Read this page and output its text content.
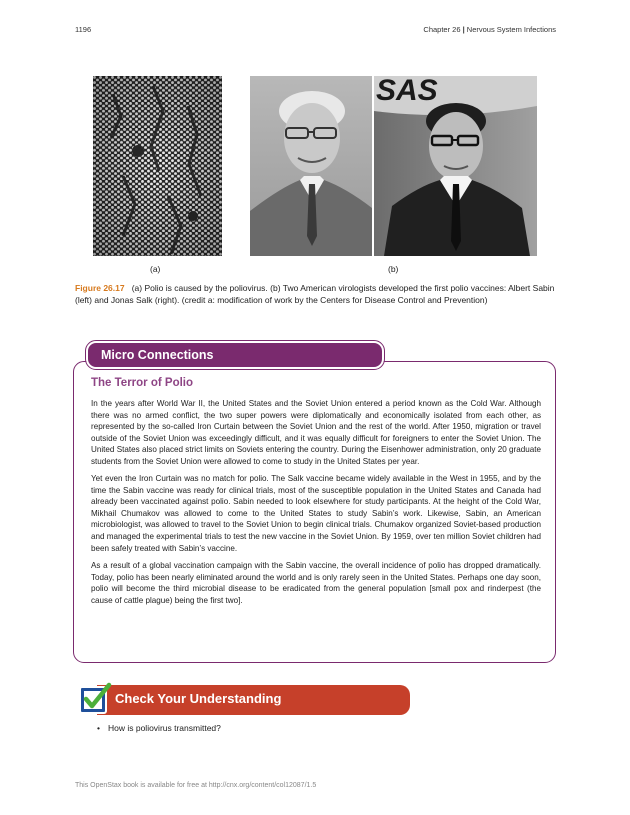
1196	Chapter 26 | Nervous System Infections
SAS
(a)	(b)
Figure 26.17 (a) Polio is caused by the poliovirus. (b) Two American virologists developed the first polio vaccines: Albert Sabin (left) and Jonas Salk (right). (credit a: modification of work by the Centers for Disease Control and Prevention)
Micro Connections
The Terror of Polio

In the years after World War II, the United States and the Soviet Union entered a period known as the Cold War. Although there was no armed conflict, the two super powers were diplomatically and economically isolated from each other, as represented by the so-called Iron Curtain between the Soviet Union and the rest of the world. After 1950, migration or travel outside of the Soviet Union was exceedingly difficult, and it was equally difficult for foreigners to enter the Soviet Union. The United States also placed strict limits on Soviets entering the country. During the Eisenhower administration, only 20 graduate students from the Soviet Union were allowed to come to study in the United States per year.

Yet even the Iron Curtain was no match for polio. The Salk vaccine became widely available in the West in 1955, and by the time the Sabin vaccine was ready for clinical trials, most of the susceptible population in the United States and Canada had already been vaccinated against polio. Sabin needed to look elsewhere for study participants. At the height of the Cold War, Mikhail Chumakov was allowed to come to the United States to study Sabin’s work. Likewise, Sabin, an American microbiologist, was allowed to travel to the Soviet Union to begin clinical trials. Chumakov organized Soviet-based production and managed the experimental trials to test the new vaccine in the Soviet Union. By 1959, over ten million Soviet children had been safely treated with Sabin’s vaccine.

As a result of a global vaccination campaign with the Sabin vaccine, the overall incidence of polio has dropped dramatically. Today, polio has been nearly eliminated around the world and is only rarely seen in the United States. Perhaps one day soon, polio will become the third microbial disease to be eradicated from the general population [small pox and rinderpest (the cause of cattle plague) being the first two].

Check Your Understanding
• How is poliovirus transmitted?
This OpenStax book is available for free at http://cnx.org/content/col12087/1.5
